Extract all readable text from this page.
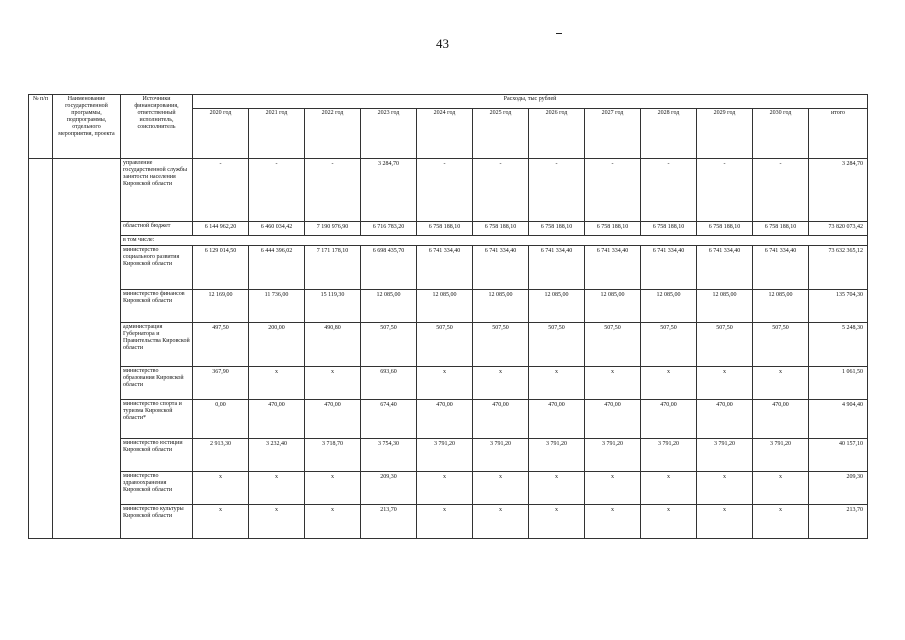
43
№ п/п	Наименование государственной программы, подпрограммы, отдельного мероприятия, проекта	Источники финансирования, ответственный исполнитель, соисполнитель	Расходы, тыс рублей											
			2020 год	2021 год	2022 год	2023 год	2024 год	2025 год	2026 год	2027 год	2028 год	2029 год	2030 год	итого
		управление государственной службы занятости населения Кировской области	-	-	-	3 284,70	-	-	-	-	-	-	-	3 284,70
		областной бюджет	6 144 962,20	6 460 034,42	7 190 976,90	6 716 783,20	6 758 188,10	6 758 188,10	6 758 188,10	6 758 188,10	6 758 188,10	6 758 188,10	6 758 188,10	73 820 073,42
		в том числе:												
		министерство социального развития Кировской области	6 129 014,50	6 444 396,02	7 171 178,10	6 698 435,70	6 741 334,40	6 741 334,40	6 741 334,40	6 741 334,40	6 741 334,40	6 741 334,40	6 741 334,40	73 632 365,12
		министерство финансов Кировской области	12 169,00	11 736,00	15 119,30	12 085,00	12 085,00	12 085,00	12 085,00	12 085,00	12 085,00	12 085,00	12 085,00	135 704,30
		администрация Губернатора и Правительства Кировской области	497,50	200,00	490,80	507,50	507,50	507,50	507,50	507,50	507,50	507,50	507,50	5 248,30
		министерство образования Кировской области	367,90	x	x	693,60	x	x	x	x	x	x	x	1 061,50
		министерство спорта и туризма Кировской области*	0,00	470,00	470,00	674,40	470,00	470,00	470,00	470,00	470,00	470,00	470,00	4 904,40
		министерство юстиции Кировской области	2 913,30	3 232,40	3 718,70	3 754,30	3 791,20	3 791,20	3 791,20	3 791,20	3 791,20	3 791,20	3 791,20	40 157,10
		министерство здравоохранения Кировской области	x	x	x	209,30	x	x	x	x	x	x	x	209,30
		министерство культуры Кировской области	x	x	x	213,70	x	x	x	x	x	x	x	213,70
